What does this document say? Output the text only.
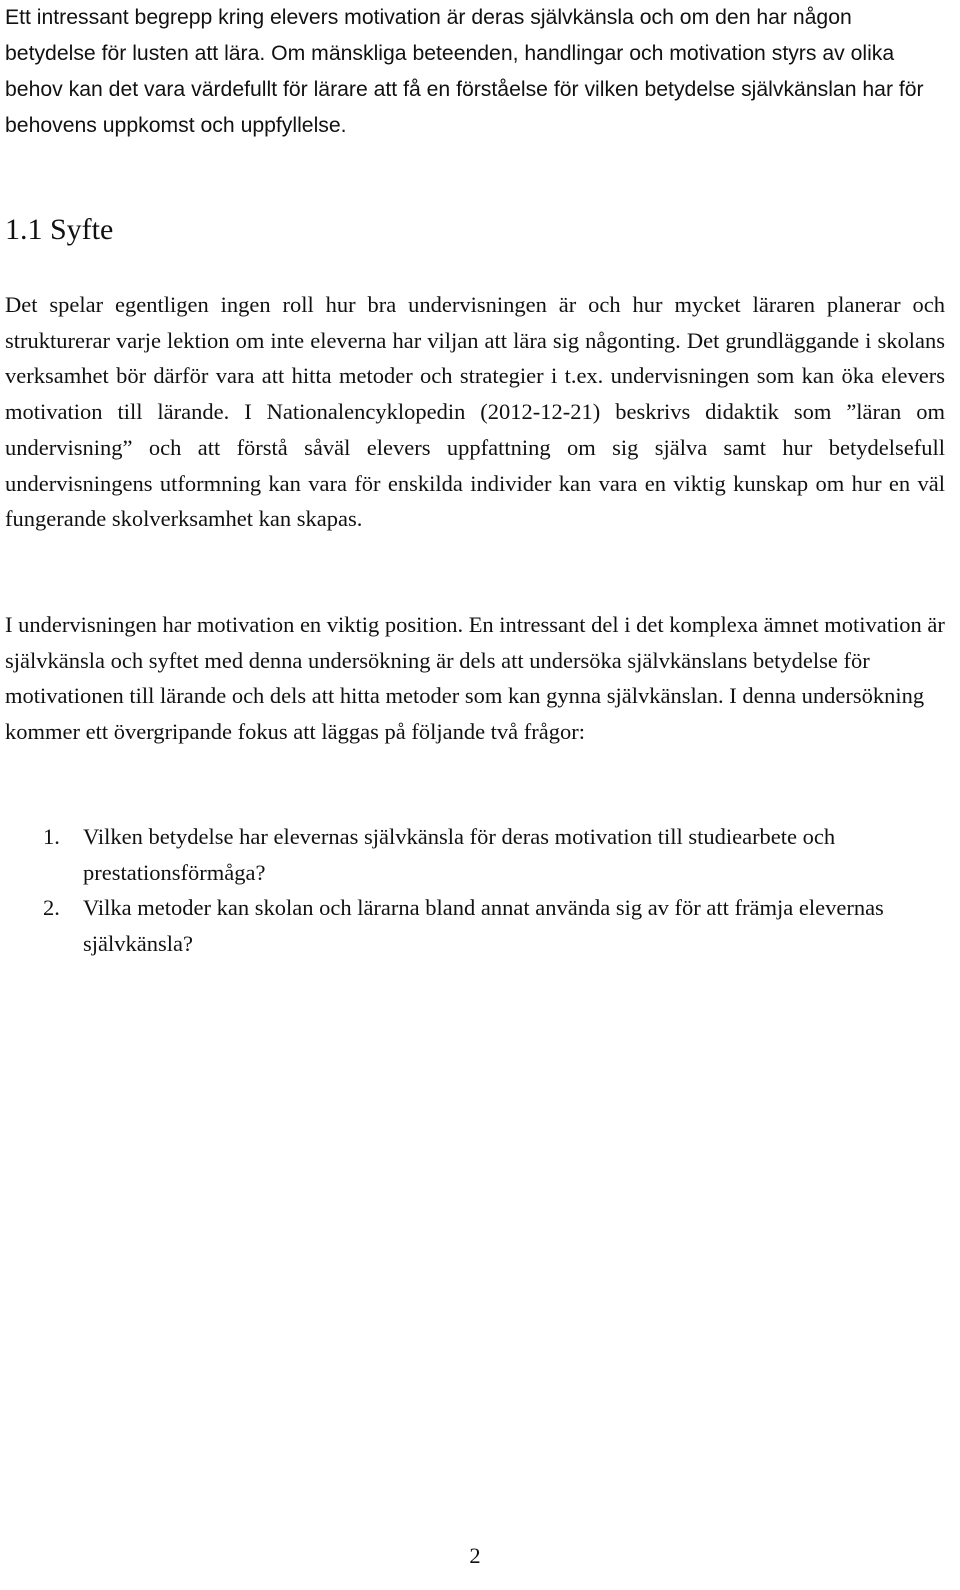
Ett intressant begrepp kring elevers motivation är deras självkänsla och om den har någon betydelse för lusten att lära. Om mänskliga beteenden, handlingar och motivation styrs av olika behov kan det vara värdefullt för lärare att få en förståelse för vilken betydelse självkänslan har för behovens uppkomst och uppfyllelse.

1.1 Syfte

Det spelar egentligen ingen roll hur bra undervisningen är och hur mycket läraren planerar och strukturerar varje lektion om inte eleverna har viljan att lära sig någonting. Det grundläggande i skolans verksamhet bör därför vara att hitta metoder och strategier i t.ex. undervisningen som kan öka elevers motivation till lärande. I Nationalencyklopedin (2012-12-21) beskrivs didaktik som ”läran om undervisning” och att förstå såväl elevers uppfattning om sig själva samt hur betydelsefull undervisningens utformning kan vara för enskilda individer kan vara en viktig kunskap om hur en väl fungerande skolverksamhet kan skapas.

I undervisningen har motivation en viktig position. En intressant del i det komplexa ämnet motivation är självkänsla och syftet med denna undersökning är dels att undersöka självkänslans betydelse för motivationen till lärande och dels att hitta metoder som kan gynna självkänslan. I denna undersökning kommer ett övergripande fokus att läggas på följande två frågor:

1.	Vilken betydelse har elevernas självkänsla för deras motivation till studiearbete och prestationsförmåga?
2.	Vilka metoder kan skolan och lärarna bland annat använda sig av för att främja elevernas självkänsla?
2
